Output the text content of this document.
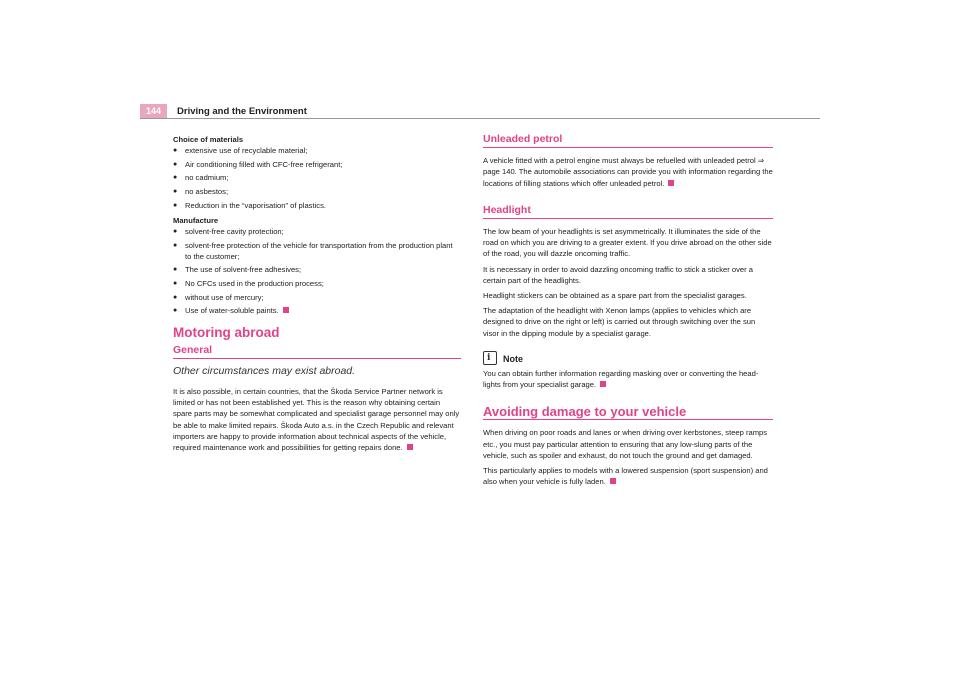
144	Driving and the Environment

Choice of materials

● extensive use of recyclable material;
● Air conditioning filled with CFC-free refrigerant;
● no cadmium;
● no asbestos;
● Reduction in the “vaporisation” of plastics.

Manufacture

● solvent-free cavity protection;
● solvent-free protection of the vehicle for transportation from the production plant to the customer;
● The use of solvent-free adhesives;
● No CFCs used in the production process;
● without use of mercury;
● Use of water-soluble paints.
Motoring abroad
General

Other circumstances may exist abroad.

It is also possible, in certain countries, that the Škoda Service Partner network is limited or has not been established yet. This is the reason why obtaining certain spare parts may be somewhat complicated and specialist garage personnel may only be able to make limited repairs. Škoda Auto a.s. in the Czech Republic and relevant importers are happy to provide information about technical aspects of the vehicle, required maintenance work and possibilities for getting repairs done.

Unleaded petrol

A vehicle fitted with a petrol engine must always be refuelled with unleaded petrol ⇒ page 140. The automobile associations can provide you with information regarding the locations of filling stations which offer unleaded petrol.

Headlight

The low beam of your headlights is set asymmetrically. It illuminates the side of the road on which you are driving to a greater extent. If you drive abroad on the other side of the road, you will dazzle oncoming traffic.

It is necessary in order to avoid dazzling oncoming traffic to stick a sticker over a certain part of the headlights.

Headlight stickers can be obtained as a spare part from the specialist garages.

The adaptation of the headlight with Xenon lamps (applies to vehicles which are designed to drive on the right or left) is carried out through switching over the sun visor in the dipping module by a specialist garage.

i Note

You can obtain further information regarding masking over or converting the head-lights from your specialist garage.

Avoiding damage to your vehicle

When driving on poor roads and lanes or when driving over kerbstones, steep ramps etc., you must pay particular attention to ensuring that any low-slung parts of the vehicle, such as spoiler and exhaust, do not touch the ground and get damaged.

This particularly applies to models with a lowered suspension (sport suspension) and also when your vehicle is fully laden.
